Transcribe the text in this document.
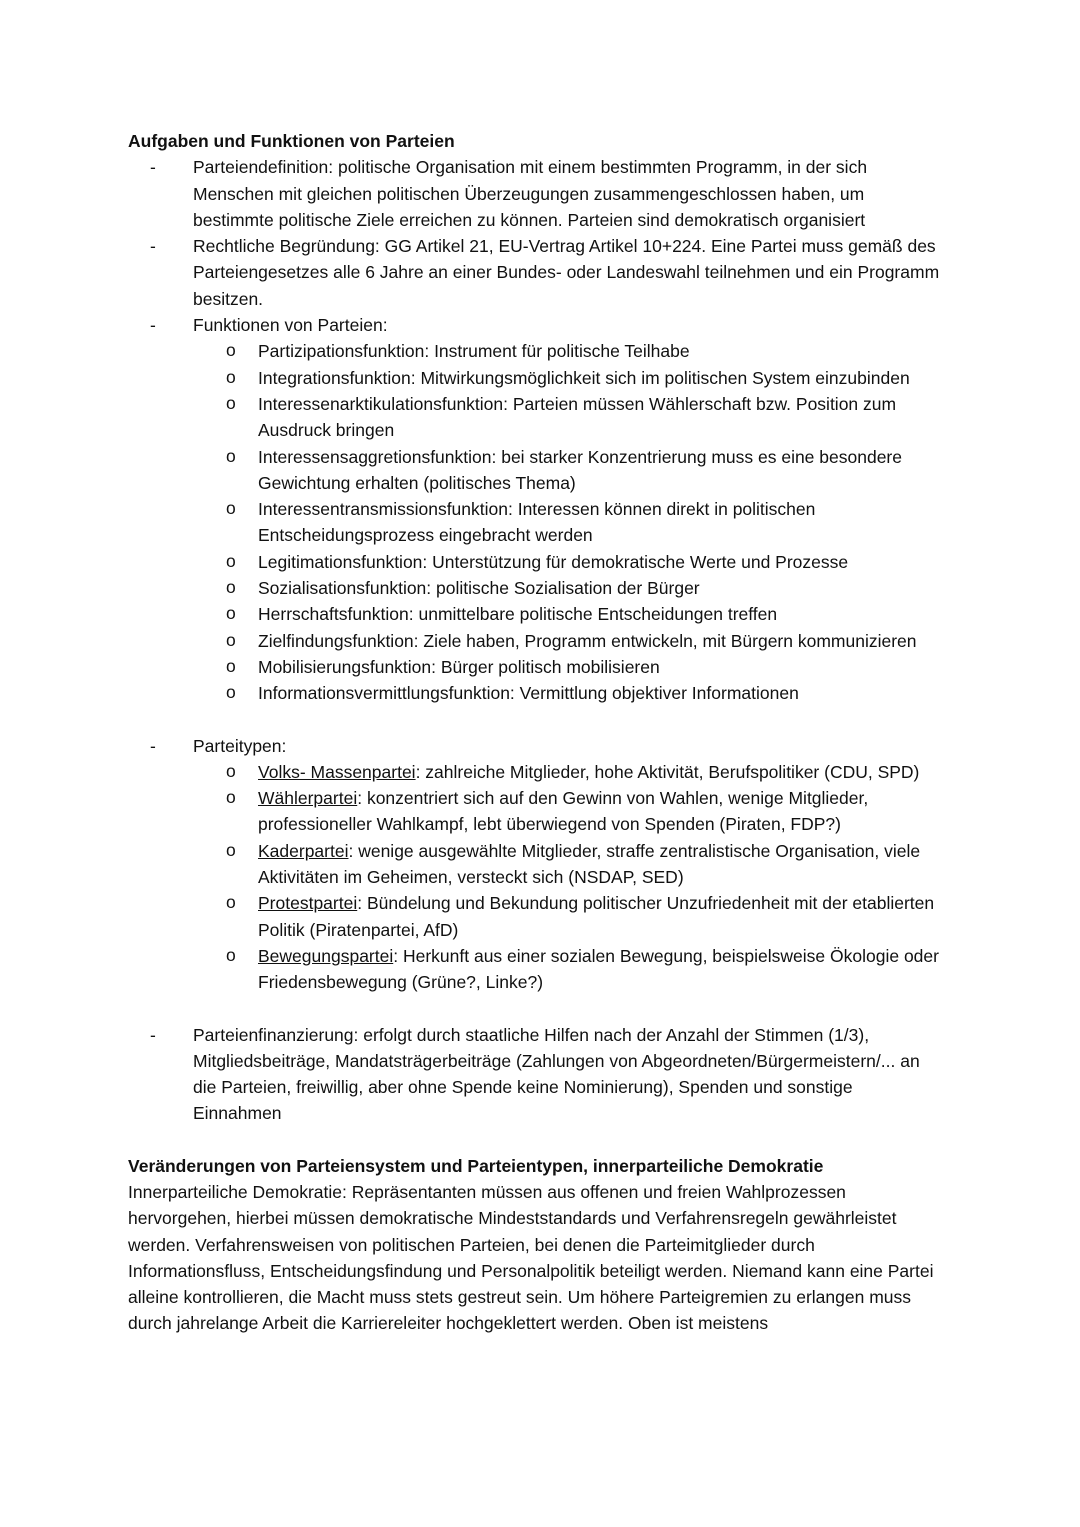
Aufgaben und Funktionen von Parteien

- Parteiendefinition: politische Organisation mit einem bestimmten Programm, in der sich Menschen mit gleichen politischen Überzeugungen zusammengeschlossen haben, um bestimmte politische Ziele erreichen zu können. Parteien sind demokratisch organisiert
- Rechtliche Begründung: GG Artikel 21, EU-Vertrag Artikel 10+224. Eine Partei muss gemäß des Parteiengesetzes alle 6 Jahre an einer Bundes- oder Landeswahl teilnehmen und ein Programm besitzen.
- Funktionen von Parteien:
o Partizipationsfunktion: Instrument für politische Teilhabe
o Integrationsfunktion: Mitwirkungsmöglichkeit sich im politischen System einzubinden
o Interessenarktikulationsfunktion: Parteien müssen Wählerschaft bzw. Position zum Ausdruck bringen
o Interessensaggretionsfunktion: bei starker Konzentrierung muss es eine besondere Gewichtung erhalten (politisches Thema)
o Interessentransmissionsfunktion: Interessen können direkt in politischen Entscheidungsprozess eingebracht werden
o Legitimationsfunktion: Unterstützung für demokratische Werte und Prozesse
o Sozialisationsfunktion: politische Sozialisation der Bürger
o Herrschaftsfunktion: unmittelbare politische Entscheidungen treffen
o Zielfindungsfunktion: Ziele haben, Programm entwickeln, mit Bürgern kommunizieren
o Mobilisierungsfunktion: Bürger politisch mobilisieren
o Informationsvermittlungsfunktion: Vermittlung objektiver Informationen
- Parteitypen:
o Volks- Massenpartei: zahlreiche Mitglieder, hohe Aktivität, Berufspolitiker (CDU, SPD)
o Wählerpartei: konzentriert sich auf den Gewinn von Wahlen, wenige Mitglieder, professioneller Wahlkampf, lebt überwiegend von Spenden (Piraten, FDP?)
o Kaderpartei: wenige ausgewählte Mitglieder, straffe zentralistische Organisation, viele Aktivitäten im Geheimen, versteckt sich (NSDAP, SED)
o Protestpartei: Bündelung und Bekundung politischer Unzufriedenheit mit der etablierten Politik (Piratenpartei, AfD)
o Bewegungspartei: Herkunft aus einer sozialen Bewegung, beispielsweise Ökologie oder Friedensbewegung (Grüne?, Linke?)
- Parteienfinanzierung: erfolgt durch staatliche Hilfen nach der Anzahl der Stimmen (1/3), Mitgliedsbeiträge, Mandatsträgerbeiträge (Zahlungen von Abgeordneten/Bürgermeistern/... an die Parteien, freiwillig, aber ohne Spende keine Nominierung), Spenden und sonstige Einnahmen

Veränderungen von Parteiensystem und Parteientypen, innerparteiliche Demokratie

Innerparteiliche Demokratie: Repräsentanten müssen aus offenen und freien Wahlprozessen hervorgehen, hierbei müssen demokratische Mindeststandards und Verfahrensregeln gewährleistet werden. Verfahrensweisen von politischen Parteien, bei denen die Parteimitglieder durch Informationsfluss, Entscheidungsfindung und Personalpolitik beteiligt werden. Niemand kann eine Partei alleine kontrollieren, die Macht muss stets gestreut sein. Um höhere Parteigremien zu erlangen muss durch jahrelange Arbeit die Karriereleiter hochgeklettert werden. Oben ist meistens
